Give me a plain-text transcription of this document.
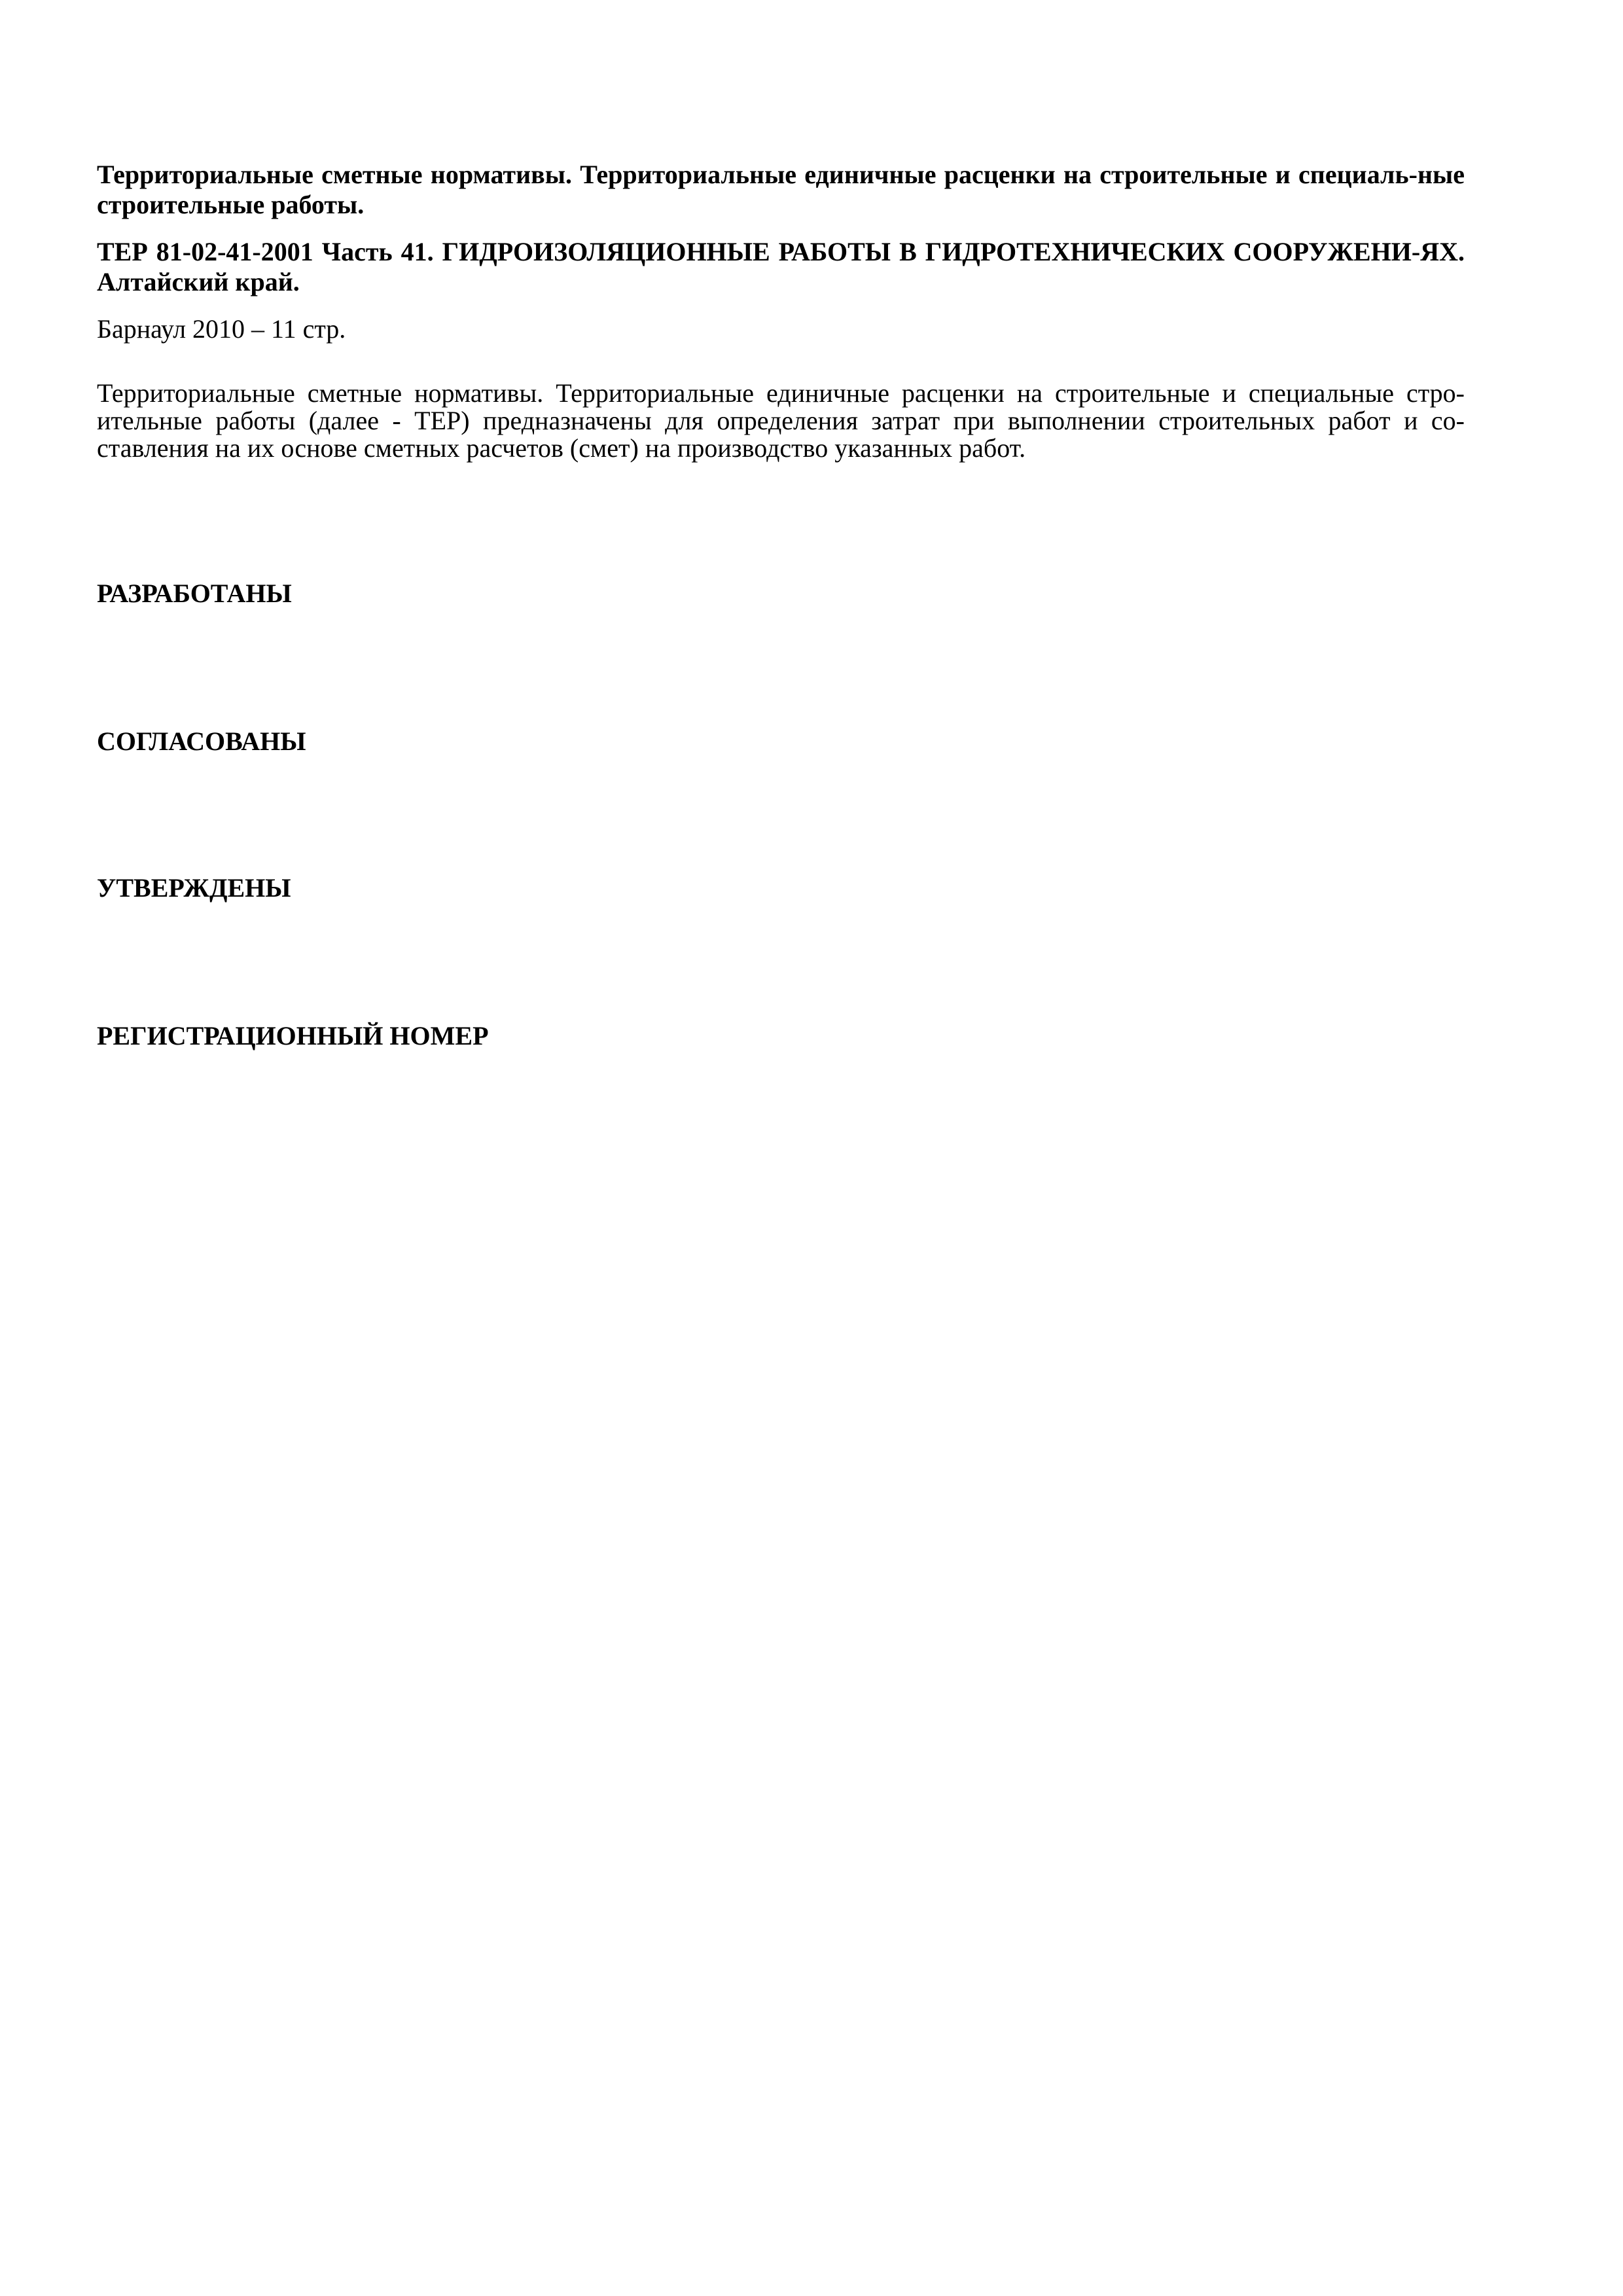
Территориальные сметные нормативы. Территориальные единичные расценки на строительные и специаль-ные строительные работы.

ТЕР 81-02-41-2001 Часть 41. ГИДРОИЗОЛЯЦИОННЫЕ РАБОТЫ В ГИДРОТЕХНИЧЕСКИХ СООРУЖЕНИ-ЯХ. Алтайский край.

Барнаул 2010 – 11 стр.

Территориальные сметные нормативы. Территориальные единичные расценки на строительные и специальные стро-ительные работы (далее - ТЕР) предназначены для определения затрат при выполнении строительных работ и со-ставления на их основе сметных расчетов (смет) на производство указанных работ.

РАЗРАБОТАНЫ

СОГЛАСОВАНЫ

УТВЕРЖДЕНЫ

РЕГИСТРАЦИОННЫЙ НОМЕР
